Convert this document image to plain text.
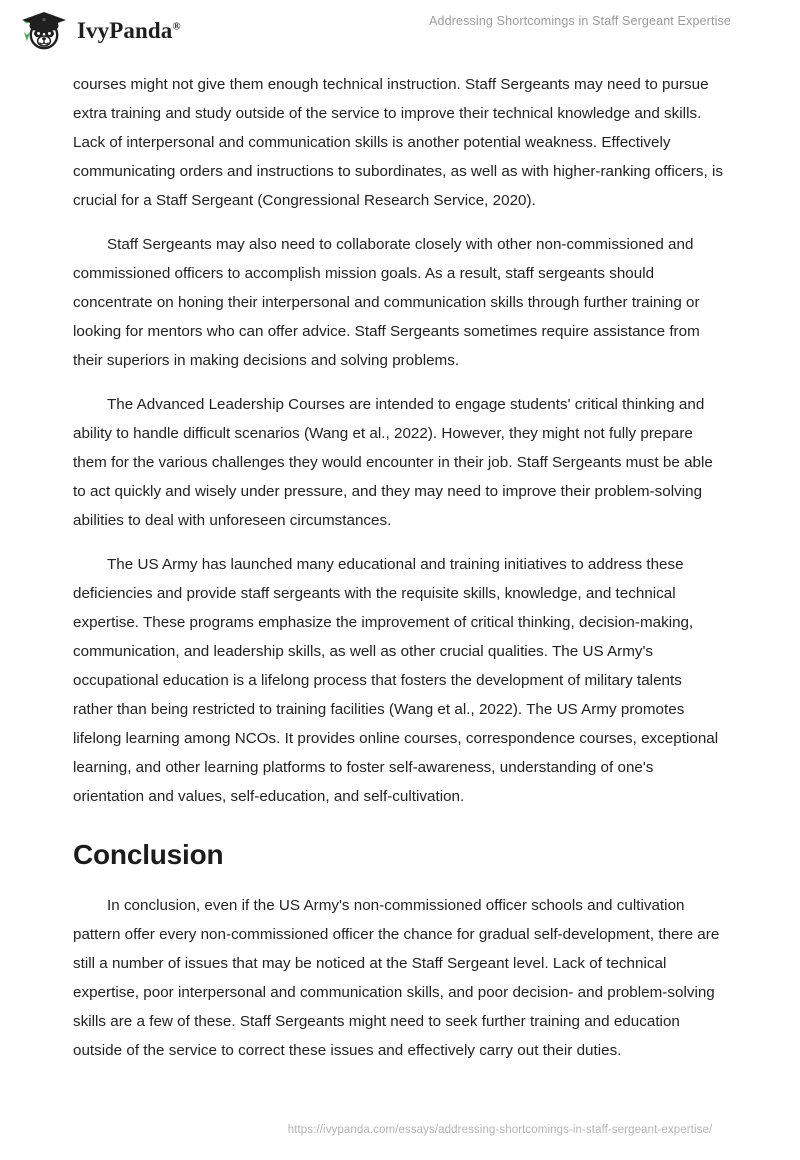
IvyPanda®	Addressing Shortcomings in Staff Sergeant Expertise

courses might not give them enough technical instruction. Staff Sergeants may need to pursue extra training and study outside of the service to improve their technical knowledge and skills. Lack of interpersonal and communication skills is another potential weakness. Effectively communicating orders and instructions to subordinates, as well as with higher-ranking officers, is crucial for a Staff Sergeant (Congressional Research Service, 2020).

Staff Sergeants may also need to collaborate closely with other non-commissioned and commissioned officers to accomplish mission goals. As a result, staff sergeants should concentrate on honing their interpersonal and communication skills through further training or looking for mentors who can offer advice. Staff Sergeants sometimes require assistance from their superiors in making decisions and solving problems.

The Advanced Leadership Courses are intended to engage students' critical thinking and ability to handle difficult scenarios (Wang et al., 2022). However, they might not fully prepare them for the various challenges they would encounter in their job. Staff Sergeants must be able to act quickly and wisely under pressure, and they may need to improve their problem-solving abilities to deal with unforeseen circumstances.

The US Army has launched many educational and training initiatives to address these deficiencies and provide staff sergeants with the requisite skills, knowledge, and technical expertise. These programs emphasize the improvement of critical thinking, decision-making, communication, and leadership skills, as well as other crucial qualities. The US Army's occupational education is a lifelong process that fosters the development of military talents rather than being restricted to training facilities (Wang et al., 2022). The US Army promotes lifelong learning among NCOs. It provides online courses, correspondence courses, exceptional learning, and other learning platforms to foster self-awareness, understanding of one's orientation and values, self-education, and self-cultivation.

Conclusion

In conclusion, even if the US Army's non-commissioned officer schools and cultivation pattern offer every non-commissioned officer the chance for gradual self-development, there are still a number of issues that may be noticed at the Staff Sergeant level. Lack of technical expertise, poor interpersonal and communication skills, and poor decision- and problem-solving skills are a few of these. Staff Sergeants might need to seek further training and education outside of the service to correct these issues and effectively carry out their duties.

https://ivypanda.com/essays/addressing-shortcomings-in-staff-sergeant-expertise/
